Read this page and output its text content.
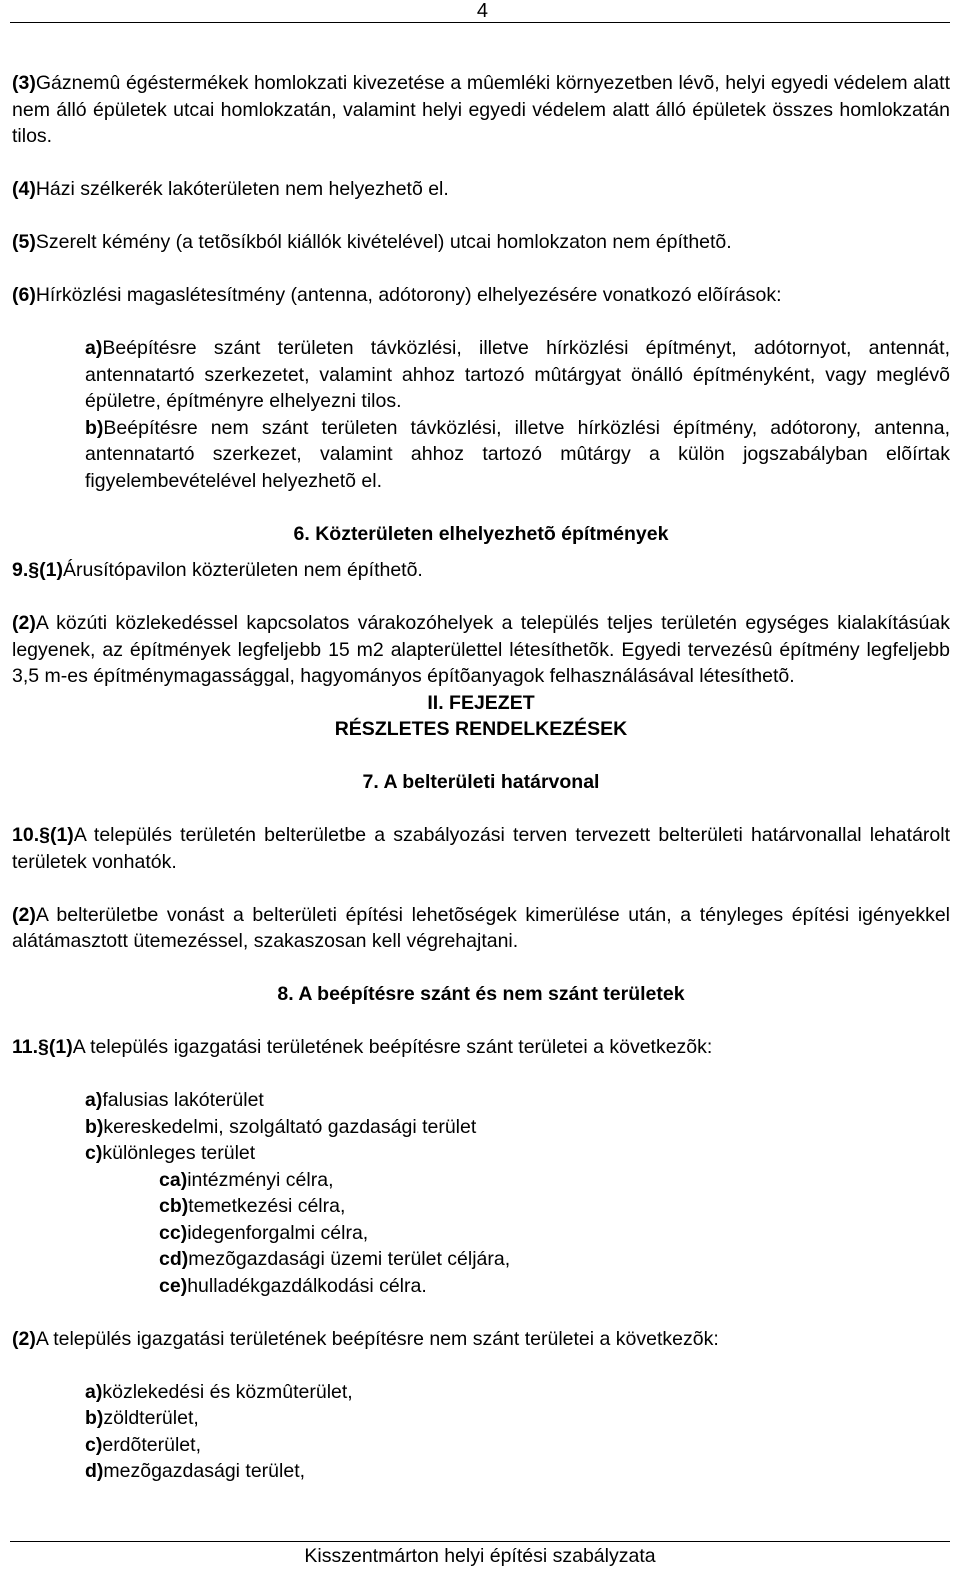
4

(3)Gáznemû égéstermékek homlokzati kivezetése a mûemléki környezetben lévõ, helyi egyedi védelem alatt nem álló épületek utcai homlokzatán, valamint helyi egyedi védelem alatt álló épületek összes homlokzatán tilos.

(4)Házi szélkerék lakóterületen nem helyezhetõ el.

(5)Szerelt kémény (a tetõsíkból kiállók kivételével) utcai homlokzaton nem építhetõ.

(6)Hírközlési magaslétesítmény (antenna, adótorony) elhelyezésére vonatkozó elõírások:

a)Beépítésre szánt területen távközlési, illetve hírközlési építményt, adótornyot, antennát, antennatartó szerkezetet, valamint ahhoz tartozó mûtárgyat önálló építményként, vagy meglévõ épületre, építményre elhelyezni tilos.

b)Beépítésre nem szánt területen távközlési, illetve hírközlési építmény, adótorony, antenna, antennatartó szerkezet, valamint ahhoz tartozó mûtárgy a külön jogszabályban elõírtak figyelembevételével helyezhetõ el.

6. Közterületen elhelyezhetõ építmények

9.§(1)Árusítópavilon közterületen nem építhetõ.

(2)A közúti közlekedéssel kapcsolatos várakozóhelyek a település teljes területén egységes kialakításúak legyenek, az építmények legfeljebb 15 m2 alapterülettel létesíthetõk. Egyedi tervezésû építmény legfeljebb 3,5 m-es építménymagassággal, hagyományos építõanyagok felhasználásával létesíthetõ.

II. FEJEZET

RÉSZLETES RENDELKEZÉSEK

7. A belterületi határvonal

10.§(1)A település területén belterületbe a szabályozási terven tervezett belterületi határvonallal lehatárolt területek vonhatók.

(2)A belterületbe vonást a belterületi építési lehetõségek kimerülése után, a tényleges építési igényekkel alátámasztott ütemezéssel, szakaszosan kell végrehajtani.

8. A beépítésre szánt és nem szánt területek

11.§(1)A település igazgatási területének beépítésre szánt területei a következõk:

a)falusias lakóterület

b)kereskedelmi, szolgáltató gazdasági terület

c)különleges terület

ca)intézményi célra,

cb)temetkezési célra,

cc)idegenforgalmi célra,

cd)mezõgazdasági üzemi terület céljára,

ce)hulladékgazdálkodási célra.

(2)A település igazgatási területének beépítésre nem szánt területei a következõk:

a)közlekedési és közmûterület,

b)zöldterület,

c)erdõterület,

d)mezõgazdasági terület,

Kisszentmárton helyi építési szabályzata
